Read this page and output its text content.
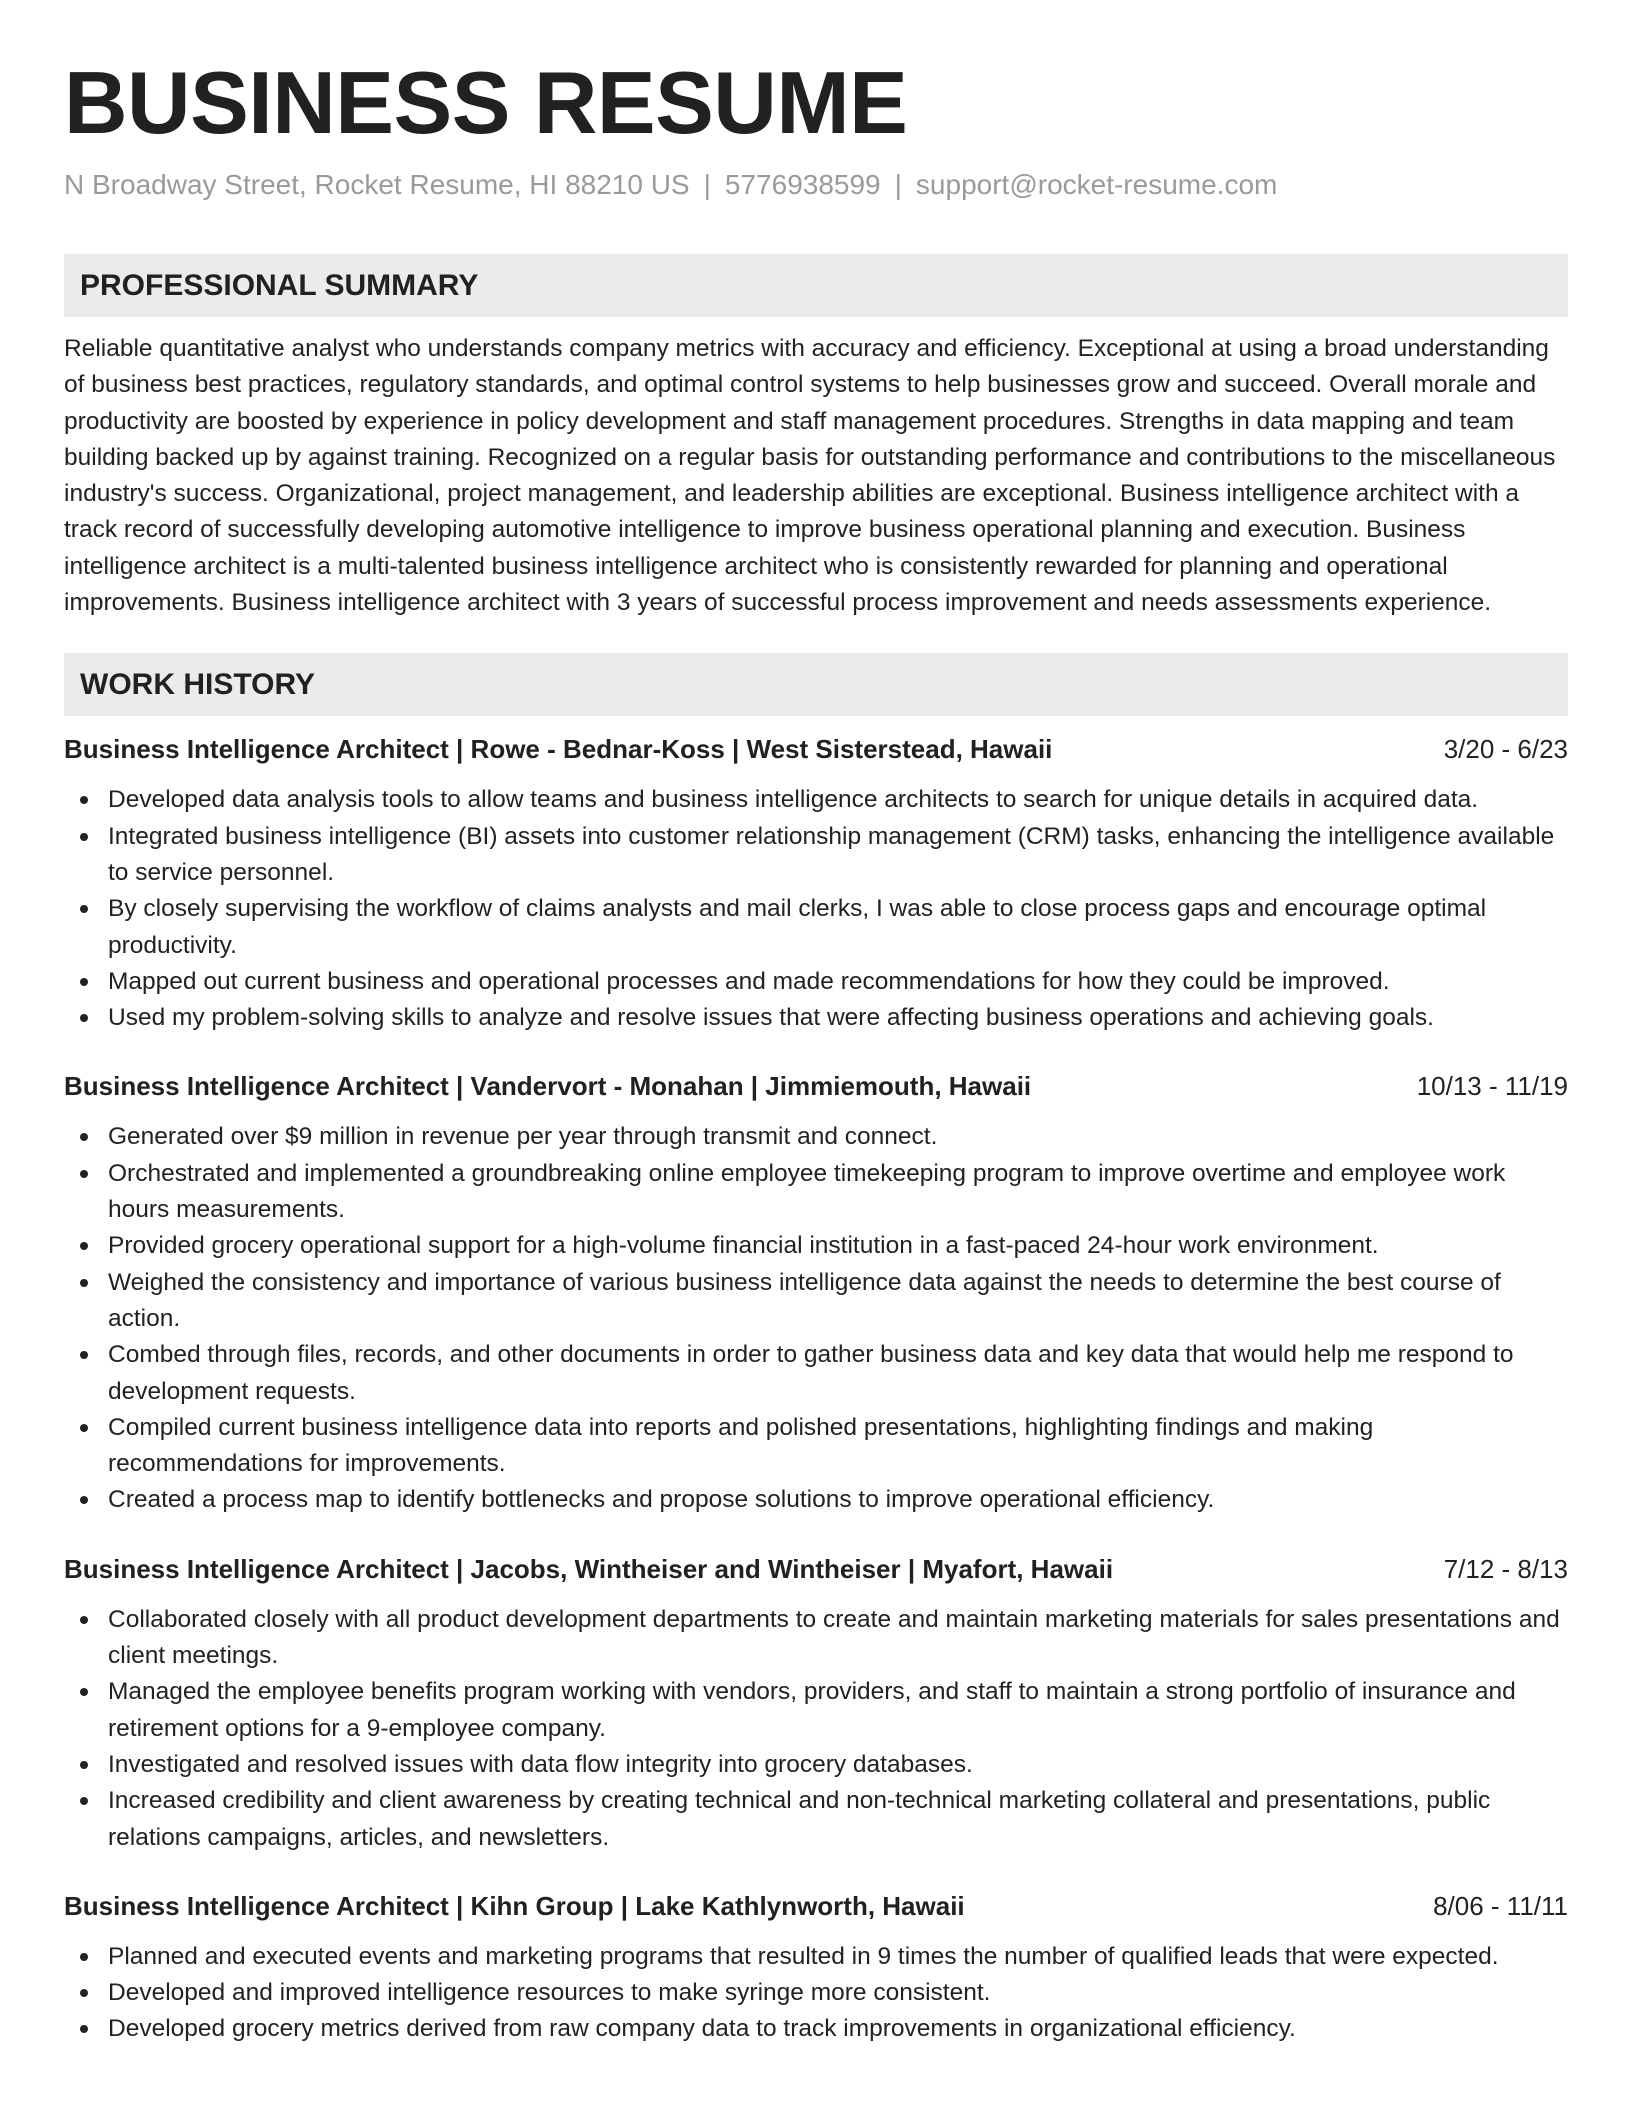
BUSINESS RESUME
N Broadway Street, Rocket Resume, HI 88210 US | 5776938599 | support@rocket-resume.com
PROFESSIONAL SUMMARY

Reliable quantitative analyst who understands company metrics with accuracy and efficiency. Exceptional at using a broad understanding of business best practices, regulatory standards, and optimal control systems to help businesses grow and succeed. Overall morale and productivity are boosted by experience in policy development and staff management procedures. Strengths in data mapping and team building backed up by against training. Recognized on a regular basis for outstanding performance and contributions to the miscellaneous industry's success. Organizational, project management, and leadership abilities are exceptional. Business intelligence architect with a track record of successfully developing automotive intelligence to improve business operational planning and execution. Business intelligence architect is a multi-talented business intelligence architect who is consistently rewarded for planning and operational improvements. Business intelligence architect with 3 years of successful process improvement and needs assessments experience.

WORK HISTORY
Business Intelligence Architect | Rowe - Bednar-Koss | West Sisterstead, Hawaii	3/20 - 6/23
Developed data analysis tools to allow teams and business intelligence architects to search for unique details in acquired data.
Integrated business intelligence (BI) assets into customer relationship management (CRM) tasks, enhancing the intelligence available to service personnel.
By closely supervising the workflow of claims analysts and mail clerks, I was able to close process gaps and encourage optimal productivity.
Mapped out current business and operational processes and made recommendations for how they could be improved.
Used my problem-solving skills to analyze and resolve issues that were affecting business operations and achieving goals.
Business Intelligence Architect | Vandervort - Monahan | Jimmiemouth, Hawaii	10/13 - 11/19
Generated over $9 million in revenue per year through transmit and connect.
Orchestrated and implemented a groundbreaking online employee timekeeping program to improve overtime and employee work hours measurements.
Provided grocery operational support for a high-volume financial institution in a fast-paced 24-hour work environment.
Weighed the consistency and importance of various business intelligence data against the needs to determine the best course of action.
Combed through files, records, and other documents in order to gather business data and key data that would help me respond to development requests.
Compiled current business intelligence data into reports and polished presentations, highlighting findings and making recommendations for improvements.
Created a process map to identify bottlenecks and propose solutions to improve operational efficiency.
Business Intelligence Architect | Jacobs, Wintheiser and Wintheiser | Myafort, Hawaii	7/12 - 8/13
Collaborated closely with all product development departments to create and maintain marketing materials for sales presentations and client meetings.
Managed the employee benefits program working with vendors, providers, and staff to maintain a strong portfolio of insurance and retirement options for a 9-employee company.
Investigated and resolved issues with data flow integrity into grocery databases.
Increased credibility and client awareness by creating technical and non-technical marketing collateral and presentations, public relations campaigns, articles, and newsletters.
Business Intelligence Architect | Kihn Group | Lake Kathlynworth, Hawaii	8/06 - 11/11
Planned and executed events and marketing programs that resulted in 9 times the number of qualified leads that were expected.
Developed and improved intelligence resources to make syringe more consistent.
Developed grocery metrics derived from raw company data to track improvements in organizational efficiency.
